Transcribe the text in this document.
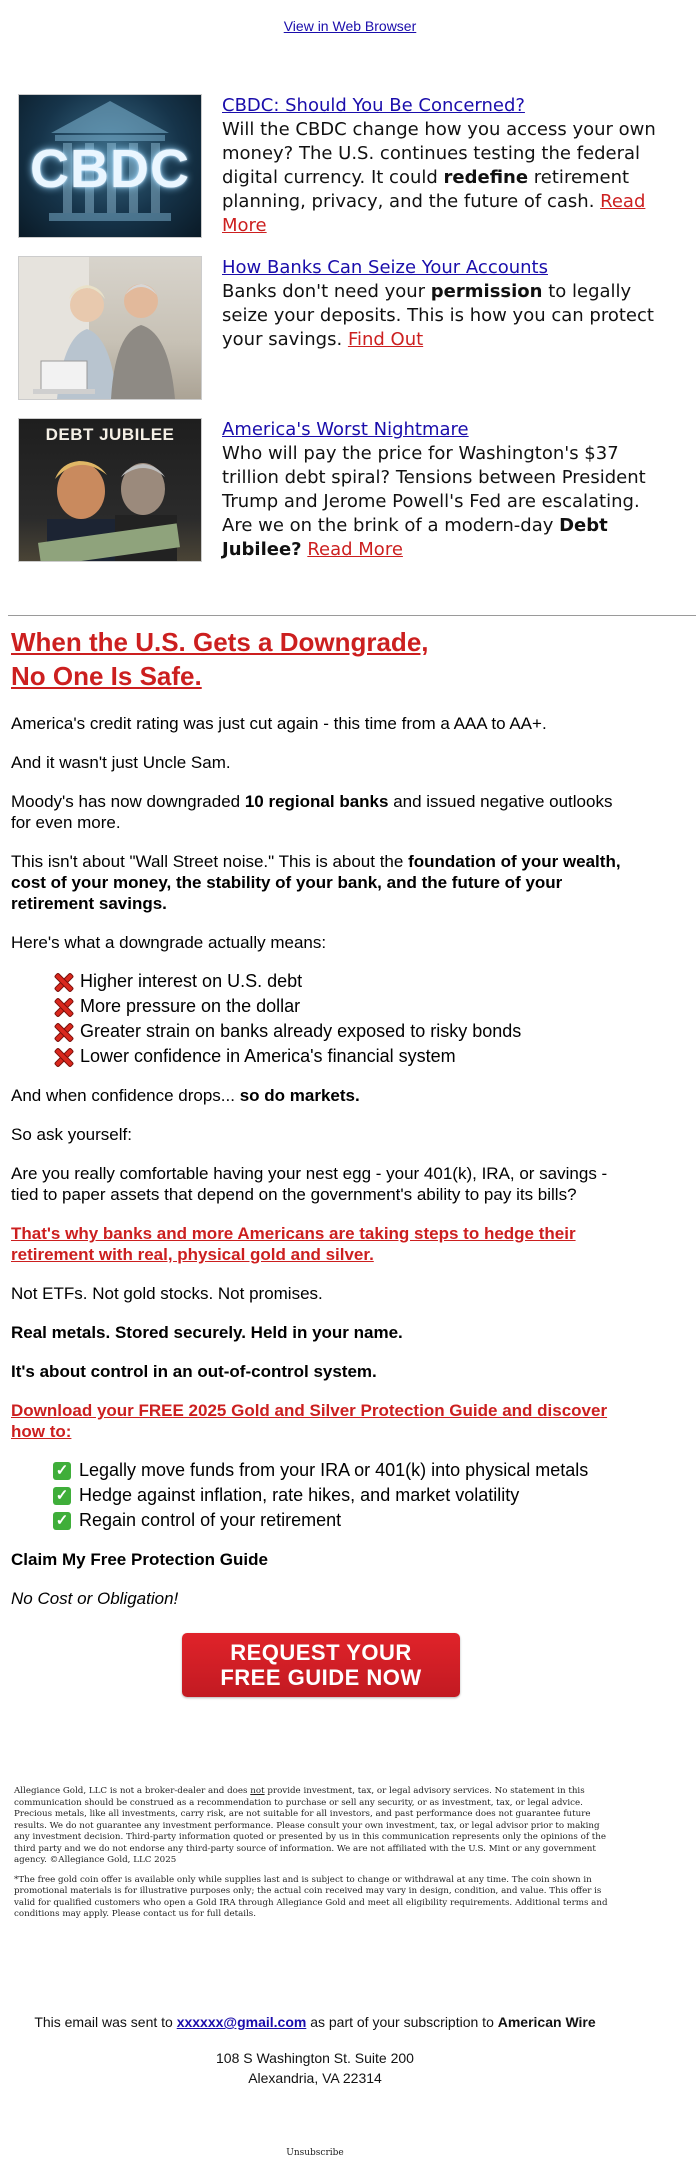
View in Web Browser
CBDC
CBDC: Should You Be Concerned?
Will the CBDC change how you access your own money? The U.S. continues testing the federal digital currency. It could redefine retirement planning, privacy, and the future of cash. Read More
How Banks Can Seize Your Accounts
Banks don't need your permission to legally seize your deposits. This is how you can protect your savings. Find Out
DEBT JUBILEE	America's Worst Nightmare
Who will pay the price for Washington's $37 trillion debt spiral? Tensions between President Trump and Jerome Powell's Fed are escalating. Are we on the brink of a modern-day Debt Jubilee? Read More
When the U.S. Gets a Downgrade,
No One Is Safe.

America's credit rating was just cut again - this time from a AAA to AA+.

And it wasn't just Uncle Sam.

Moody's has now downgraded 10 regional banks and issued negative outlooks for even more.

This isn't about "Wall Street noise." This is about the foundation of your wealth, cost of your money, the stability of your bank, and the future of your retirement savings.

Here's what a downgrade actually means:

Higher interest on U.S. debt
More pressure on the dollar
Greater strain on banks already exposed to risky bonds
Lower confidence in America's financial system

And when confidence drops... so do markets.

So ask yourself:

Are you really comfortable having your nest egg - your 401(k), IRA, or savings - tied to paper assets that depend on the government's ability to pay its bills?

That's why banks and more Americans are taking steps to hedge their retirement with real, physical gold and silver.

Not ETFs. Not gold stocks. Not promises.

Real metals. Stored securely. Held in your name.

It's about control in an out-of-control system.

Download your FREE 2025 Gold and Silver Protection Guide and discover how to:

✓ Legally move funds from your IRA or 401(k) into physical metals
✓ Hedge against inflation, rate hikes, and market volatility
✓ Regain control of your retirement

Claim My Free Protection Guide

No Cost or Obligation!

REQUEST YOUR
FREE GUIDE NOW

Allegiance Gold, LLC is not a broker-dealer and does not provide investment, tax, or legal advisory services. No statement in this communication should be construed as a recommendation to purchase or sell any security, or as investment, tax, or legal advice. Precious metals, like all investments, carry risk, are not suitable for all investors, and past performance does not guarantee future results. We do not guarantee any investment performance. Please consult your own investment, tax, or legal advisor prior to making any investment decision. Third-party information quoted or presented by us in this communication represents only the opinions of the third party and we do not endorse any third-party source of information. We are not affiliated with the U.S. Mint or any government agency. ©Allegiance Gold, LLC 2025

*The free gold coin offer is available only while supplies last and is subject to change or withdrawal at any time. The coin shown in promotional materials is for illustrative purposes only; the actual coin received may vary in design, condition, and value. This offer is valid for qualified customers who open a Gold IRA through Allegiance Gold and meet all eligibility requirements. Additional terms and conditions may apply. Please contact us for full details.

This email was sent to xxxxxx@gmail.com as part of your subscription to American Wire
108 S Washington St. Suite 200
Alexandria, VA 22314
Unsubscribe
